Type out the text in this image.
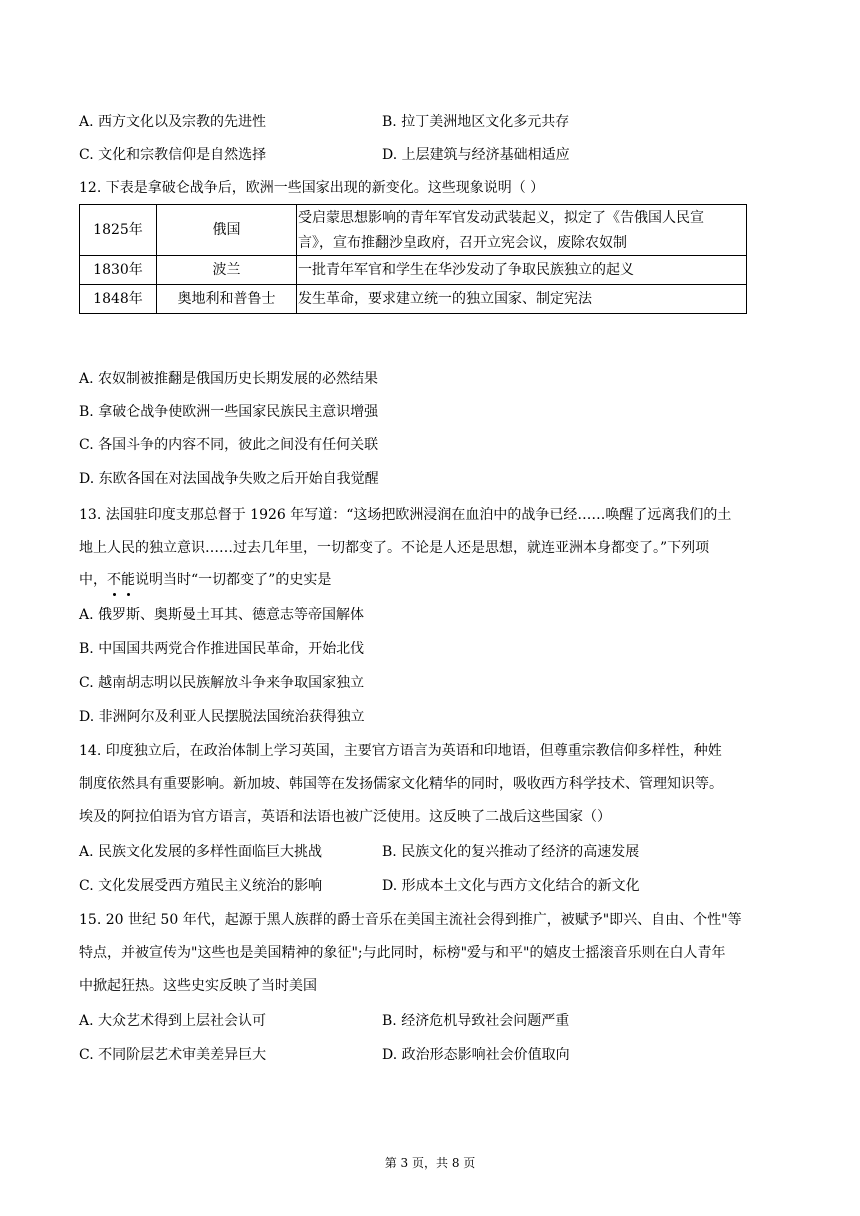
A. 西方文化以及宗教的先进性	B. 拉丁美洲地区文化多元共存
C. 文化和宗教信仰是自然选择	D. 上层建筑与经济基础相适应
12. 下表是拿破仑战争后，欧洲一些国家出现的新变化。这些现象说明（ ）
1825年	俄国	受启蒙思想影响的青年军官发动武装起义，拟定了《告俄国人民宣
言》，宣布推翻沙皇政府，召开立宪会议，废除农奴制

1830年	波兰	一批青年军官和学生在华沙发动了争取民族独立的起义
1848年	奥地利和普鲁士	发生革命，要求建立统一的独立国家、制定宪法
A. 农奴制被推翻是俄国历史长期发展的必然结果
B. 拿破仑战争使欧洲一些国家民族民主意识增强
C. 各国斗争的内容不同，彼此之间没有任何关联
D. 东欧各国在对法国战争失败之后开始自我觉醒
13. 法国驻印度支那总督于 1926 年写道：“这场把欧洲浸润在血泊中的战争已经……唤醒了远离我们的土
地上人民的独立意识……过去几年里，一切都变了。不论是人还是思想，就连亚洲本身都变了。”下列项
中，不能说明当时“一切都变了”的史实是
A. 俄罗斯、奥斯曼土耳其、德意志等帝国解体
B. 中国国共两党合作推进国民革命，开始北伐
C. 越南胡志明以民族解放斗争来争取国家独立
D. 非洲阿尔及利亚人民摆脱法国统治获得独立
14. 印度独立后，在政治体制上学习英国，主要官方语言为英语和印地语，但尊重宗教信仰多样性，种姓
制度依然具有重要影响。新加坡、韩国等在发扬儒家文化精华的同时，吸收西方科学技术、管理知识等。
埃及的阿拉伯语为官方语言，英语和法语也被广泛使用。这反映了二战后这些国家（）
A. 民族文化发展的多样性面临巨大挑战	B. 民族文化的复兴推动了经济的高速发展
C. 文化发展受西方殖民主义统治的影响	D. 形成本土文化与西方文化结合的新文化
15. 20 世纪 50 年代，起源于黑人族群的爵士音乐在美国主流社会得到推广，被赋予"即兴、自由、个性"等
特点，并被宣传为"这些也是美国精神的象征";与此同时，标榜"爱与和平"的嬉皮士摇滚音乐则在白人青年
中掀起狂热。这些史实反映了当时美国
A. 大众艺术得到上层社会认可	B. 经济危机导致社会问题严重
C. 不同阶层艺术审美差异巨大	D. 政治形态影响社会价值取向
第 3 页，共 8 页
